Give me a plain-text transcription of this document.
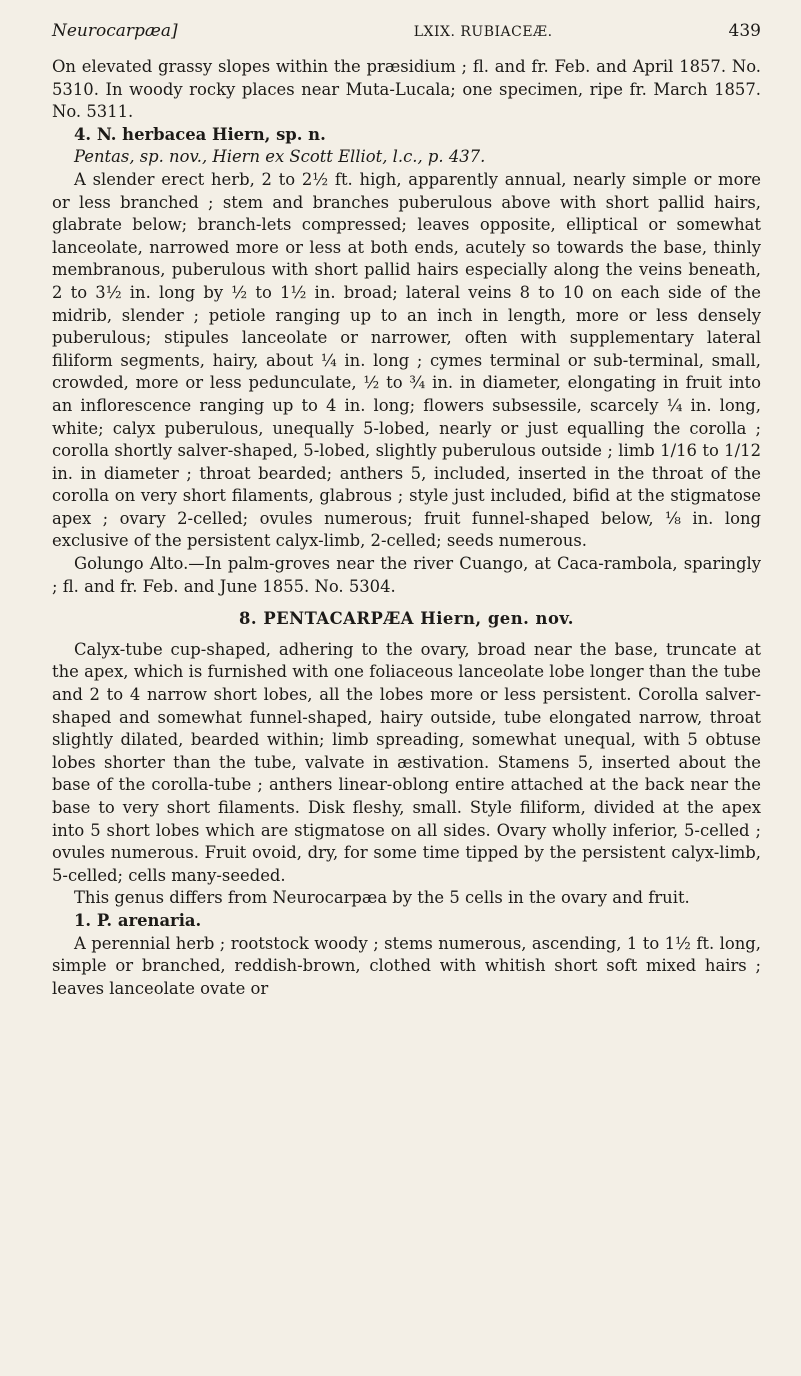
Neurocarpæa]	LXIX. RUBIACEÆ.	439

On elevated grassy slopes within the præsidium ; fl. and fr. Feb. and April 1857. No. 5310. In woody rocky places near Muta-Lucala; one specimen, ripe fr. March 1857. No. 5311.

4. N. herbacea Hiern, sp. n.

Pentas, sp. nov., Hiern ex Scott Elliot, l.c., p. 437.

A slender erect herb, 2 to 2½ ft. high, apparently annual, nearly simple or more or less branched ; stem and branches puberulous above with short pallid hairs, glabrate below; branch-lets compressed; leaves opposite, elliptical or somewhat lanceolate, narrowed more or less at both ends, acutely so towards the base, thinly membranous, puberulous with short pallid hairs especially along the veins beneath, 2 to 3½ in. long by ½ to 1½ in. broad; lateral veins 8 to 10 on each side of the midrib, slender ; petiole ranging up to an inch in length, more or less densely puberulous; stipules lanceolate or narrower, often with supplementary lateral filiform segments, hairy, about ¼ in. long ; cymes terminal or sub-terminal, small, crowded, more or less pedunculate, ½ to ¾ in. in diameter, elongating in fruit into an inflorescence ranging up to 4 in. long; flowers subsessile, scarcely ¼ in. long, white; calyx puberulous, unequally 5-lobed, nearly or just equalling the corolla ; corolla shortly salver-shaped, 5-lobed, slightly puberulous outside ; limb 1/16 to 1/12 in. in diameter ; throat bearded; anthers 5, included, inserted in the throat of the corolla on very short filaments, glabrous ; style just included, bifid at the stigmatose apex ; ovary 2-celled; ovules numerous; fruit funnel-shaped below, ⅛ in. long exclusive of the persistent calyx-limb, 2-celled; seeds numerous.

Golungo Alto.—In palm-groves near the river Cuango, at Caca-rambola, sparingly ; fl. and fr. Feb. and June 1855. No. 5304.

8. PENTACARPÆA Hiern, gen. nov.

Calyx-tube cup-shaped, adhering to the ovary, broad near the base, truncate at the apex, which is furnished with one foliaceous lanceolate lobe longer than the tube and 2 to 4 narrow short lobes, all the lobes more or less persistent. Corolla salver-shaped and somewhat funnel-shaped, hairy outside, tube elongated narrow, throat slightly dilated, bearded within; limb spreading, somewhat unequal, with 5 obtuse lobes shorter than the tube, valvate in æstivation. Stamens 5, inserted about the base of the corolla-tube ; anthers linear-oblong entire attached at the back near the base to very short filaments. Disk fleshy, small. Style filiform, divided at the apex into 5 short lobes which are stigmatose on all sides. Ovary wholly inferior, 5-celled ; ovules numerous. Fruit ovoid, dry, for some time tipped by the persistent calyx-limb, 5-celled; cells many-seeded.

This genus differs from Neurocarpæa by the 5 cells in the ovary and fruit.

1. P. arenaria.

A perennial herb ; rootstock woody ; stems numerous, ascending, 1 to 1½ ft. long, simple or branched, reddish-brown, clothed with whitish short soft mixed hairs ; leaves lanceolate ovate or
